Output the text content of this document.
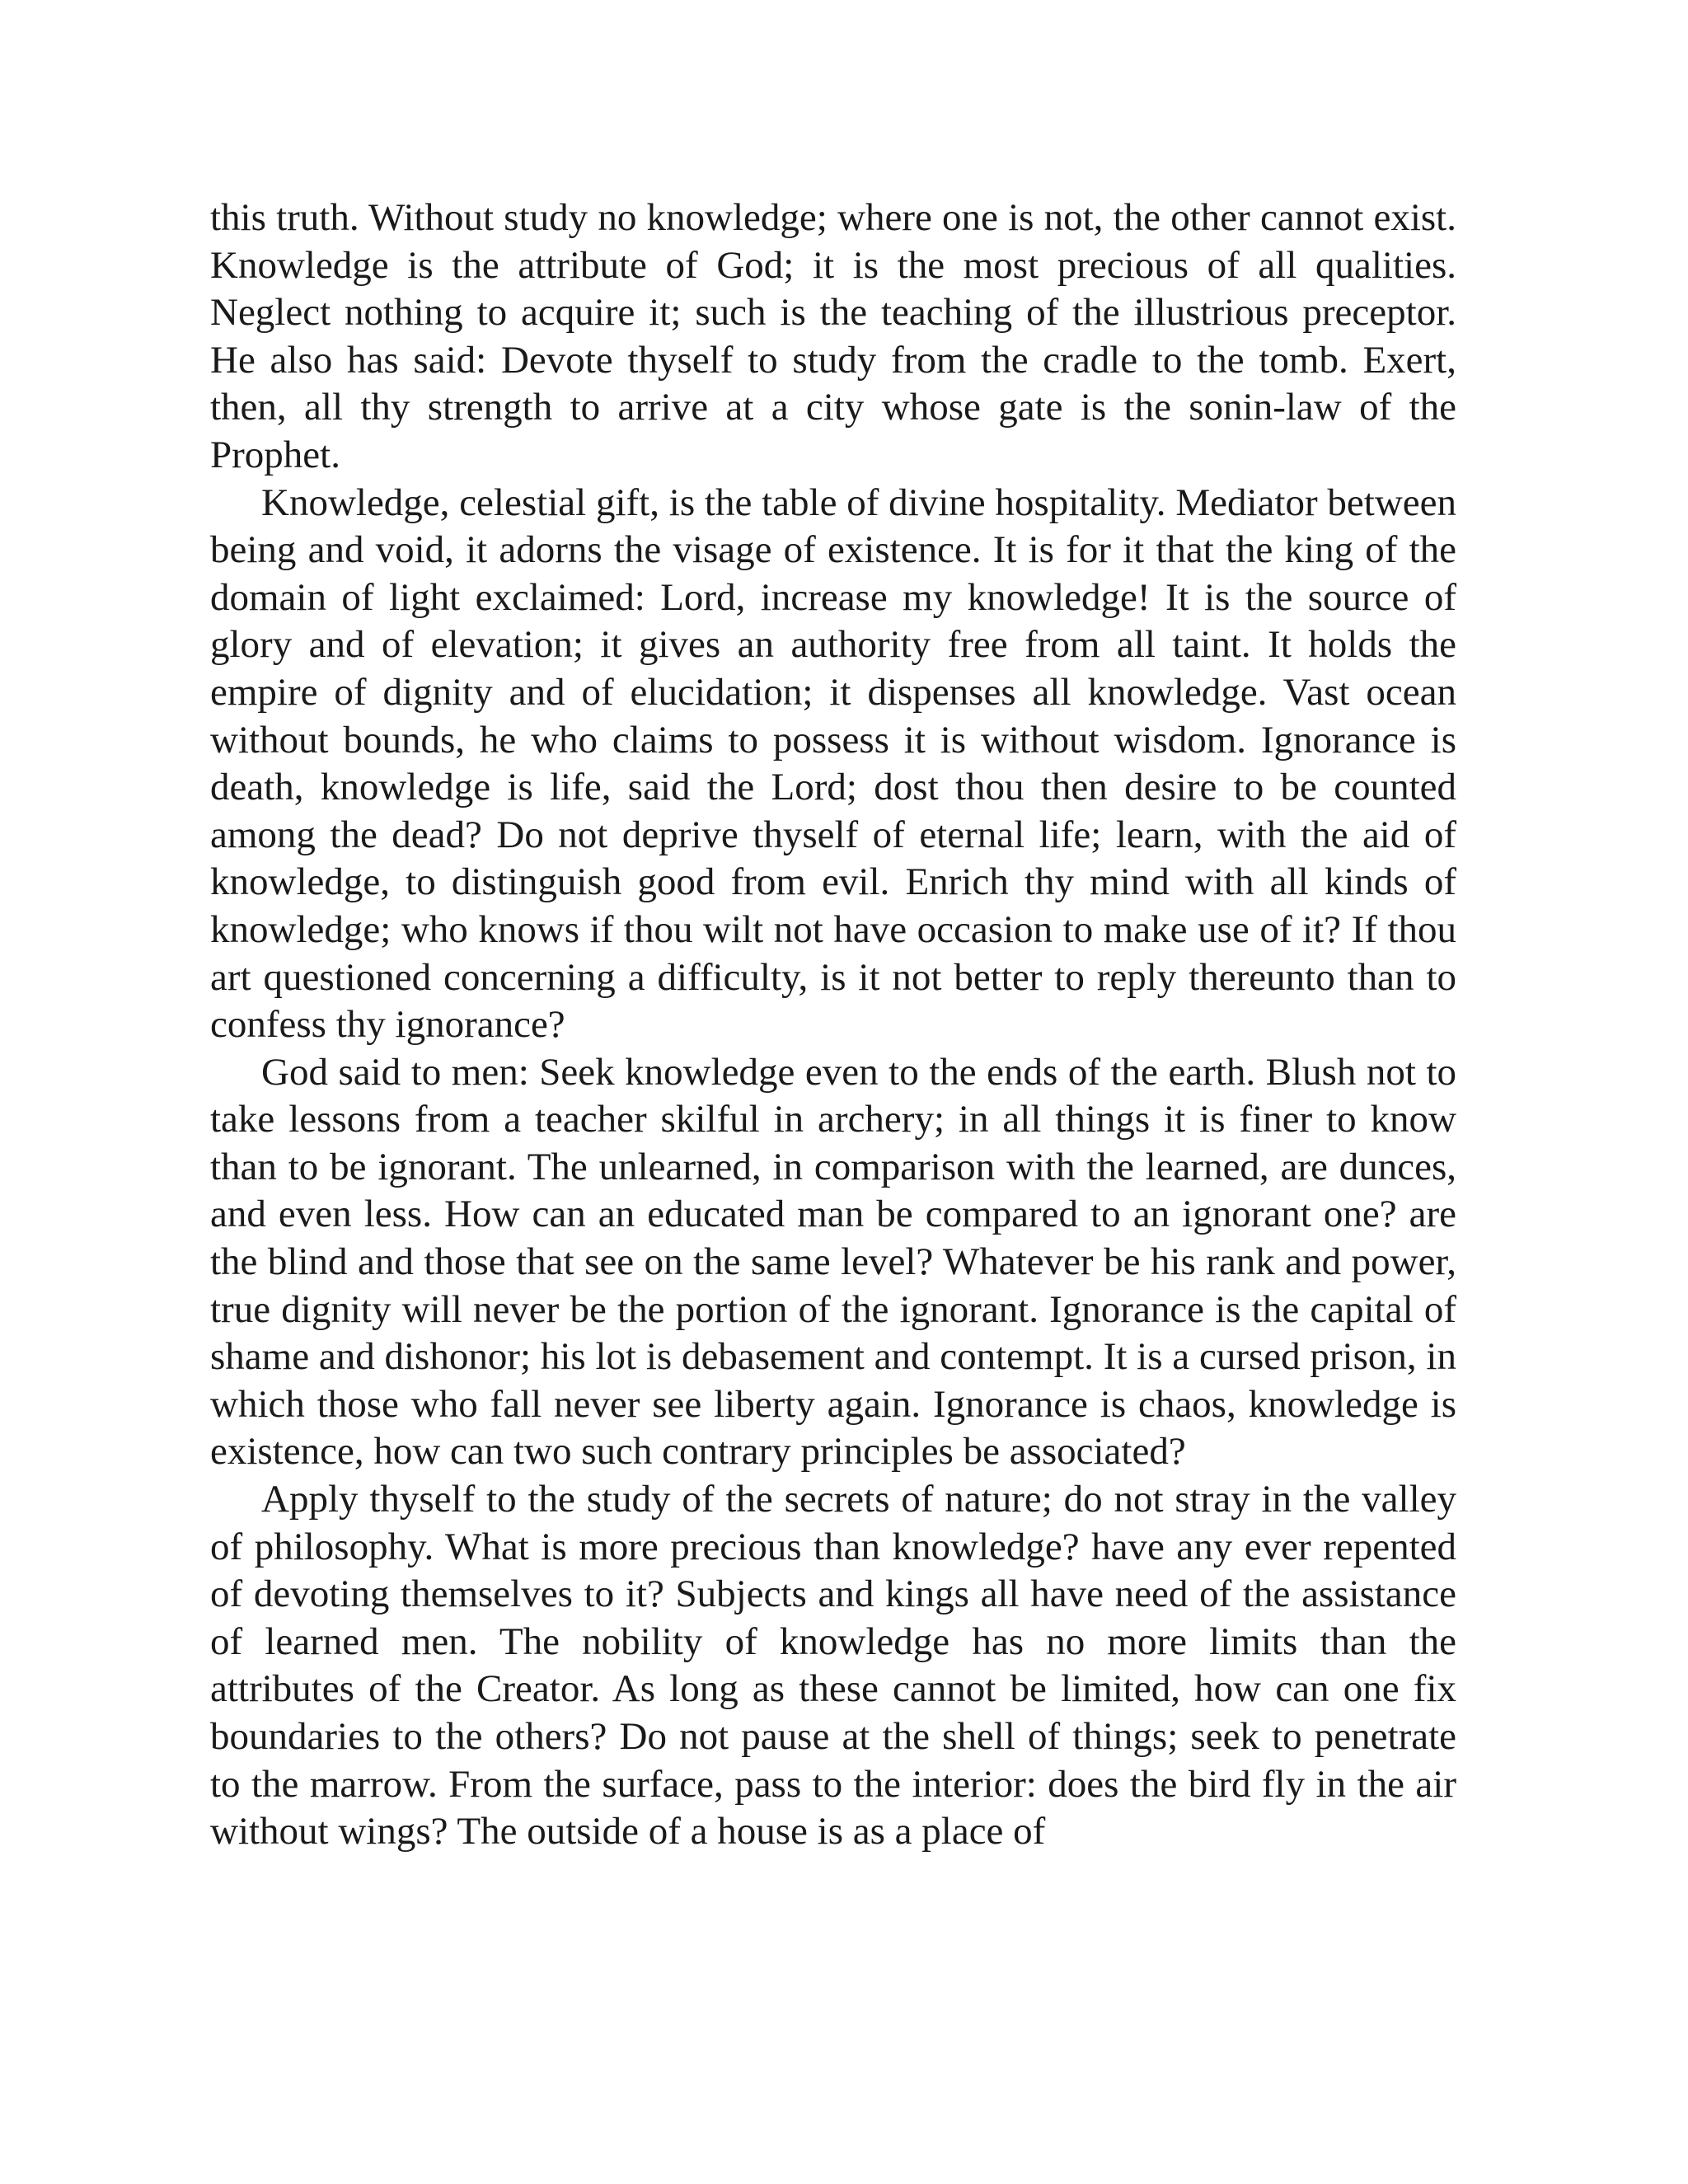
this truth. Without study no knowledge; where one is not, the other cannot exist. Knowledge is the attribute of God; it is the most precious of all qualities. Neglect nothing to acquire it; such is the teaching of the illustrious preceptor. He also has said: Devote thyself to study from the cradle to the tomb. Exert, then, all thy strength to arrive at a city whose gate is the sonin-law of the Prophet.

Knowledge, celestial gift, is the table of divine hospitality. Mediator between being and void, it adorns the visage of existence. It is for it that the king of the domain of light exclaimed: Lord, increase my knowledge! It is the source of glory and of elevation; it gives an authority free from all taint. It holds the empire of dignity and of elucidation; it dispenses all knowledge. Vast ocean without bounds, he who claims to possess it is without wisdom. Ignorance is death, knowledge is life, said the Lord; dost thou then desire to be counted among the dead? Do not deprive thyself of eternal life; learn, with the aid of knowledge, to distinguish good from evil. Enrich thy mind with all kinds of knowledge; who knows if thou wilt not have occasion to make use of it? If thou art questioned concerning a difficulty, is it not better to reply thereunto than to confess thy ignorance?

God said to men: Seek knowledge even to the ends of the earth. Blush not to take lessons from a teacher skilful in archery; in all things it is finer to know than to be ignorant. The unlearned, in comparison with the learned, are dunces, and even less. How can an educated man be compared to an ignorant one? are the blind and those that see on the same level? Whatever be his rank and power, true dignity will never be the portion of the ignorant. Ignorance is the capital of shame and dishonor; his lot is debasement and contempt. It is a cursed prison, in which those who fall never see liberty again. Ignorance is chaos, knowledge is existence, how can two such contrary principles be associated?

Apply thyself to the study of the secrets of nature; do not stray in the valley of philosophy. What is more precious than knowledge? have any ever repented of devoting themselves to it? Subjects and kings all have need of the assistance of learned men. The nobility of knowledge has no more limits than the attributes of the Creator. As long as these cannot be limited, how can one fix boundaries to the others? Do not pause at the shell of things; seek to penetrate to the marrow. From the surface, pass to the interior: does the bird fly in the air without wings? The outside of a house is as a place of
